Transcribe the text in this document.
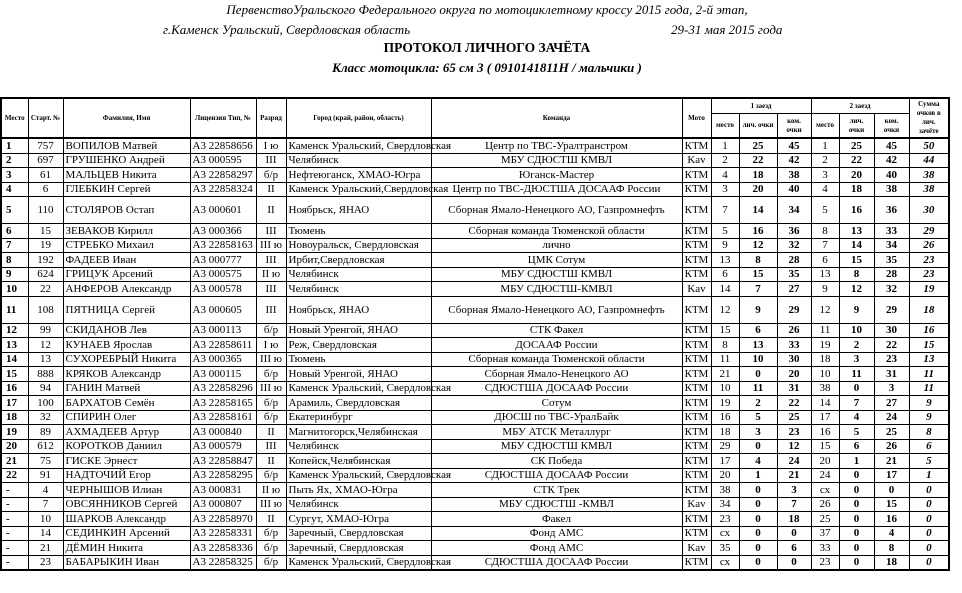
ПервенствоУральского Федерального округа по мотоциклетному кроссу 2015 года, 2-й этап,
г.Каменск Уральский, Свердловская область	29-31 мая 2015 года
ПРОТОКОЛ ЛИЧНОГО ЗАЧЁТА
Класс мотоцикла: 65 см 3 ( 0910141811Н / мальчики )
Место	Старт. №	Фамилия, Имя	Лицензия Тип, №	Разряд	Город (край, район, область)	Команда	Мото	1 заезд			2 заезд			Сумма очков в лич. зачёте
								место	лич. очки	ком. очки	место	лич. очки	ком. очки	
1	757	ВОПИЛОВ Матвей	А3 22858656	I ю	Каменск Уральский, Свердловская	Центр по ТВС-Уралтранстром	КТМ	1	25	45	1	25	45	50
2	697	ГРУШЕНКО Андрей	А3 000595	III	Челябинск	МБУ СДЮСТШ КМВЛ	Kav	2	22	42	2	22	42	44
3	61	МАЛЬЦЕВ Никита	А3 22858297	б/р	Нефтеюганск, ХМАО-Югра	Юганск-Мастер	КТМ	4	18	38	3	20	40	38
4	6	ГЛЕБКИН Сергей	А3 22858324	II	Каменск Уральский,Свердловская	Центр по ТВС-ДЮСТША ДОСААФ России	КТМ	3	20	40	4	18	38	38
5	110	СТОЛЯРОВ Остап	А3 000601	II	Ноябрьск, ЯНАО	Сборная Ямало-Ненецкого АО, Газпромнефть	КТМ	7	14	34	5	16	36	30
6	15	ЗЕВАКОВ Кирилл	А3 000366	III	Тюмень	Сборная команда Тюменской области	КТМ	5	16	36	8	13	33	29
7	19	СТРЕБКО Михаил	А3 22858163	III ю	Новоуральск, Свердловская	лично	КТМ	9	12	32	7	14	34	26
8	192	ФАДЕЕВ Иван	А3 000777	III	Ирбит,Свердловская	ЦМК Сотум	КТМ	13	8	28	6	15	35	23
9	624	ГРИЦУК Арсений	А3 000575	II ю	Челябинск	МБУ СДЮСТШ КМВЛ	КТМ	6	15	35	13	8	28	23
10	22	АНФЕРОВ Александр	А3 000578	III	Челябинск	МБУ СДЮСТШ-КМВЛ	Kav	14	7	27	9	12	32	19
11	108	ПЯТНИЦА Сергей	А3 000605	III	Ноябрьск, ЯНАО	Сборная Ямало-Ненецкого АО, Газпромнефть	КТМ	12	9	29	12	9	29	18
12	99	СКИДАНОВ Лев	А3 000113	б/р	Новый Уренгой, ЯНАО	СТК Факел	КТМ	15	6	26	11	10	30	16
13	12	КУНАЕВ Ярослав	А3 22858611	I ю	Реж, Свердловская	ДОСААФ России	КТМ	8	13	33	19	2	22	15
14	13	СУХОРЕБРЫЙ Никита	А3 000365	III ю	Тюмень	Сборная команда Тюменской области	КТМ	11	10	30	18	3	23	13
15	888	КРЯКОВ Александр	А3 000115	б/р	Новый Уренгой, ЯНАО	Сборная Ямало-Ненецкого АО	КТМ	21	0	20	10	11	31	11
16	94	ГАНИН Матвей	А3 22858296	III ю	Каменск Уральский, Свердловская	СДЮСТША ДОСААФ России	КТМ	10	11	31	38	0	3	11
17	100	БАРХАТОВ Семён	А3 22858165	б/р	Арамиль, Свердловская	Сотум	КТМ	19	2	22	14	7	27	9
18	32	СПИРИН Олег	А3 22858161	б/р	Екатеринбург	ДЮСШ по ТВС-УралБайк	КТМ	16	5	25	17	4	24	9
19	89	АХМАДЕЕВ Артур	А3 000840	II	Магнитогорск,Челябинская	МБУ АТСК Металлург	КТМ	18	3	23	16	5	25	8
20	612	КОРОТКОВ Даниил	А3 000579	III	Челябинск	МБУ СДЮСТШ КМВЛ	КТМ	29	0	12	15	6	26	6
21	75	ГИСКЕ Эрнест	А3 22858847	II	Копейск,Челябинская	СК Победа	КТМ	17	4	24	20	1	21	5
22	91	НАДТОЧИЙ Егор	А3 22858295	б/р	Каменск Уральский, Свердловская	СДЮСТША ДОСААФ России	КТМ	20	1	21	24	0	17	1
-	4	ЧЕРНЫШОВ Илиан	А3 000831	II ю	Пыть Ях, ХМАО-Югра	СТК Трек	КТМ	38	0	3	сх	0	0	0
-	7	ОВСЯННИКОВ Сергей	А3 000807	III ю	Челябинск	МБУ СДЮСТШ -КМВЛ	Kav	34	0	7	26	0	15	0
-	10	ШАРКОВ Александр	А3 22858970	II	Сургут, ХМАО-Югра	Факел	КТМ	23	0	18	25	0	16	0
-	14	СЕДИНКИН Арсений	А3 22858331	б/р	Заречный, Свердловская	Фонд АМС	КТМ	сх	0	0	37	0	4	0
-	21	ДЁМИН Никита	А3 22858336	б/р	Заречный, Свердловская	Фонд АМС	Kav	35	0	6	33	0	8	0
-	23	БАБАРЫКИН Иван	А3 22858325	б/р	Каменск Уральский, Свердловская	СДЮСТША ДОСААФ России	КТМ	сх	0	0	23	0	18	0
